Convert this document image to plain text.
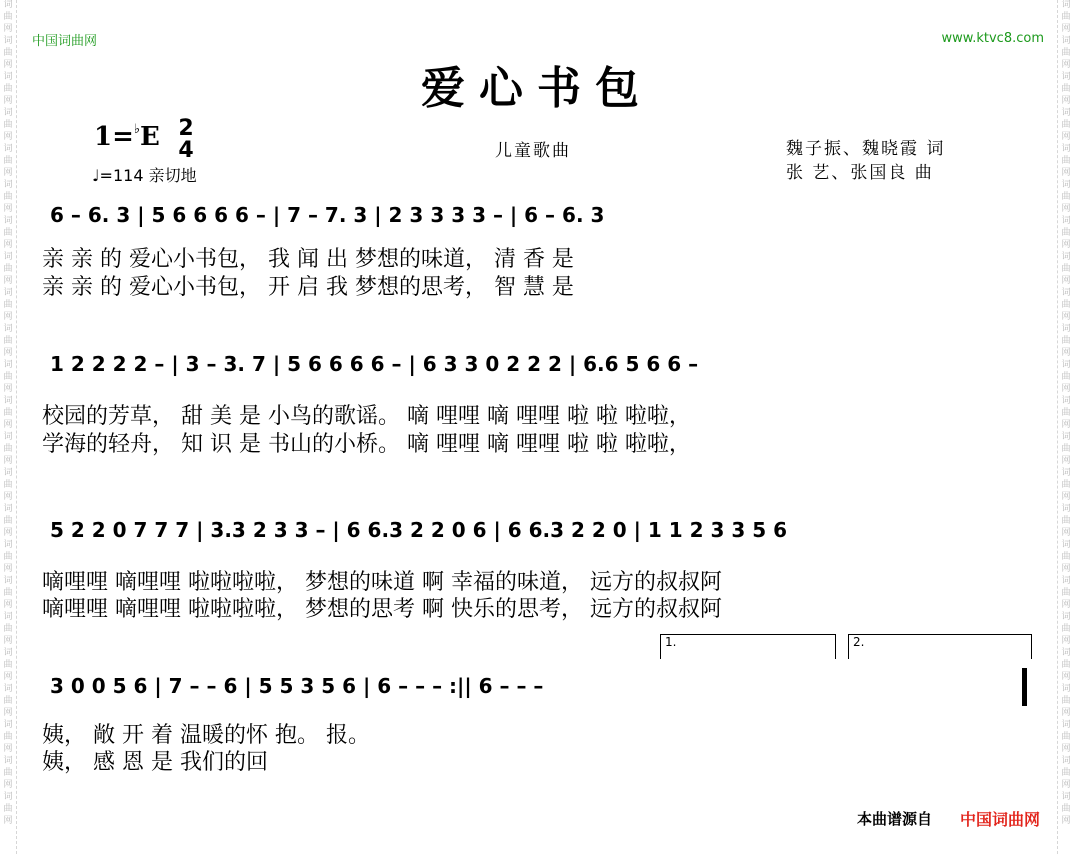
词
曲
网
词
曲
网
词
曲
网
词
曲
网
词
曲
网
词
曲
网
词
曲
网
词
曲
网
词
曲
网
词
曲
网
词
曲
网
词
曲
网
词
曲
网
词
曲
网
词
曲
网
词
曲
网
词
曲
网
词
曲
网
词
曲
网
词
曲
网
词
曲
网
词
曲
网
词
曲
网
词
曲
网
词
曲
网
词
曲
网
词
曲
网
词
曲
网
词
曲
网
词
曲
网
词
曲
网
词
曲
网
词
曲
网
词
曲
网
词
曲
网
词
曲
网
词
曲
网
词
曲
网
词
曲
网
词
曲
网
词
曲
网
词
曲
网
词
曲
网
词
曲
网
词
曲
网
词
曲
网
中国词曲网	www.ktvc8.com
爱心书包
1=♭E 2
4
♩=114 亲切地
儿童歌曲	魏子振、魏晓霞 词
张 艺、张国良 曲
6 – 6. 3 | 5 6 6 6 6 – | 7 – 7. 3 | 2 3 3 3 3 – | 6 – 6. 3
亲 亲 的 爱心小书包， 我 闻 出 梦想的味道， 清 香 是
亲 亲 的 爱心小书包， 开 启 我 梦想的思考， 智 慧 是
1 2 2 2 2 – | 3 – 3. 7 | 5 6 6 6 6 – | 6 3 3 0 2 2 2 | 6.6 5 6 6 –
校园的芳草， 甜 美 是 小鸟的歌谣。 嘀 哩哩 嘀 哩哩 啦 啦 啦啦，
学海的轻舟， 知 识 是 书山的小桥。 嘀 哩哩 嘀 哩哩 啦 啦 啦啦，
5 2 2 0 7 7 7 | 3.3 2 3 3 – | 6 6.3 2 2 0 6 | 6 6.3 2 2 0 | 1 1 2 3 3 5 6
嘀哩哩 嘀哩哩 啦啦啦啦， 梦想的味道 啊 幸福的味道， 远方的叔叔阿
嘀哩哩 嘀哩哩 啦啦啦啦， 梦想的思考 啊 快乐的思考， 远方的叔叔阿
1.	2.
3 0 0 5 6 | 7 – – 6 | 5 5 3 5 6 | 6 – – – :|| 6 – – –
姨， 敞 开 着 温暖的怀 抱。 报。
姨， 感 恩 是 我们的回
本曲谱源自 中国词曲网
